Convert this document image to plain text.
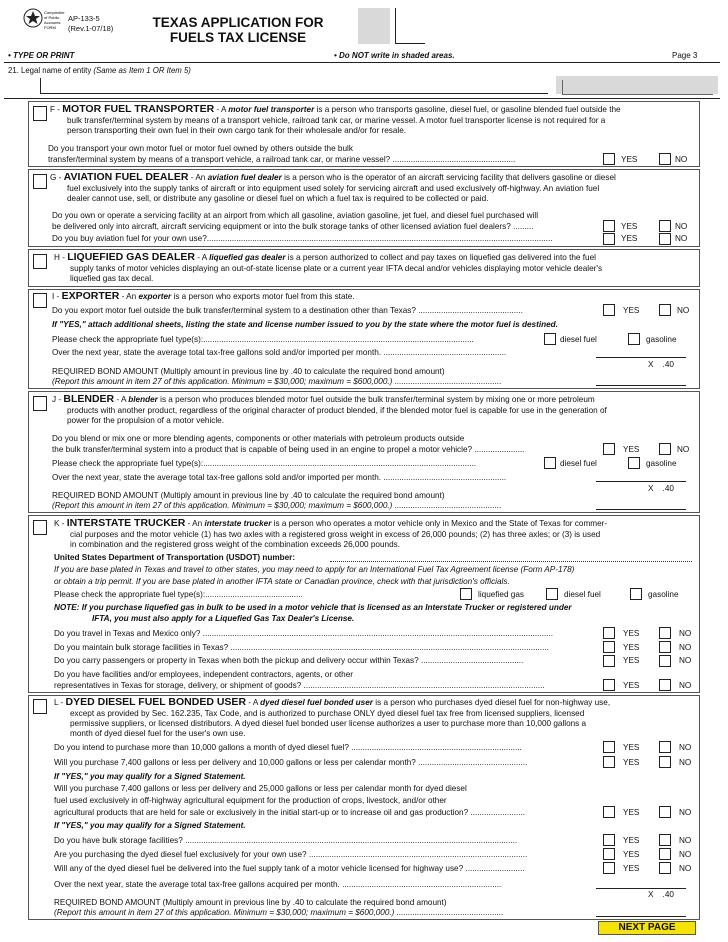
Comptroller
of Public
Accounts
FORM
AP-133-5
(Rev.1-07/18)	TEXAS APPLICATION FOR
FUELS TAX LICENSE
• TYPE OR PRINT	• Do NOT write in shaded areas.	Page 3
21. Legal name of entity (Same as Item 1 OR Item 5)
F - MOTOR FUEL TRANSPORTER - A motor fuel transporter is a person who transports gasoline, diesel fuel, or gasoline blended fuel outside the
bulk transfer/terminal system by means of a transport vehicle, railroad tank car, or marine vessel. A motor fuel transporter license is not required for a
person transporting their own fuel in their own cargo tank for their wholesale and/or for resale.
Do you transport your own motor fuel or motor fuel owned by others outside the bulk
transfer/terminal system by means of a transport vehicle, a railroad tank car, or marine vessel? ......................................................	YES	NO
G - AVIATION FUEL DEALER - An aviation fuel dealer is a person who is the operator of an aircraft servicing facility that delivers gasoline or diesel
fuel exclusively into the supply tanks of aircraft or into equipment used solely for servicing aircraft and used exclusively off-highway. An aviation fuel
dealer cannot use, sell, or distribute any gasoline or diesel fuel on which a fuel tax is required to be collected or paid.
Do you own or operate a servicing facility at an airport from which all gasoline, aviation gasoline, jet fuel, and diesel fuel purchased will
be delivered only into aircraft, aircraft servicing equipment or into the bulk storage tanks of other licensed aviation fuel dealers? .........	YES	NO
Do you buy aviation fuel for your own use?........................................................................................................................................................	YES	NO
H - LIQUEFIED GAS DEALER - A liquefied gas dealer is a person authorized to collect and pay taxes on liquefied gas delivered into the fuel
supply tanks of motor vehicles displaying an out-of-state license plate or a current year IFTA decal and/or vehicles displaying motor vehicle dealer's
liquefied gas tax decal.
I - EXPORTER - An exporter is a person who exports motor fuel from this state.
Do you export motor fuel outside the bulk transfer/terminal system to a destination other than Texas? ..............................................	YES	NO
If "YES," attach additional sheets, listing the state and license number issued to you by the state where the motor fuel is destined.
Please check the appropriate fuel type(s):.......................................................................................................................	diesel fuel	gasoline
Over the next year, state the average total tax-free gallons sold and/or imported per month. ......................................................
X    .40
REQUIRED BOND AMOUNT (Multiply amount in previous line by .40 to calculate the required bond amount)
(Report this amount in item 27 of this application. Minimum = $30,000; maximum = $600,000.) ...............................................
J - BLENDER - A blender is a person who produces blended motor fuel outside the bulk transfer/terminal system by mixing one or more petroleum
products with another product, regardless of the original character of product blended, if the blended motor fuel is capable for use in the generation of
power for the propulsion of a motor vehicle.
Do you blend or mix one or more blending agents, components or other materials with petroleum products outside
the bulk transfer/terminal system into a product that is capable of being used in an engine to propel a motor vehicle? ......................	YES	NO
Please check the appropriate fuel type(s):........................................................................................................................	diesel fuel	gasoline
Over the next year, state the average total tax-free gallons sold and/or imported per month. ......................................................
X    .40
REQUIRED BOND AMOUNT (Multiply amount in previous line by .40 to calculate the required bond amount)
(Report this amount in item 27 of this application. Minimum = $30,000; maximum = $600,000.) ...............................................
K - INTERSTATE TRUCKER - An interstate trucker is a person who operates a motor vehicle only in Mexico and the State of Texas for commer-
cial purposes and the motor vehicle (1) has two axles with a registered gross weight in excess of 26,000 pounds; (2) has three axles; or (3) is used
in combination and the registered gross weight of the combination exceeds 26,000 pounds.
United States Department of Transportation (USDOT) number:
If you are base plated in Texas and travel to other states, you may need to apply for an International Fuel Tax Agreement license (Form AP-178)
or obtain a trip permit. If you are base plated in another IFTA state or Canadian province, check with that jurisdiction's officials.
Please check the appropriate fuel type(s):...........................................	liquefied gas	diesel fuel	gasoline
NOTE: If you purchase liquefied gas in bulk to be used in a motor vehicle that is licensed as an Interstate Trucker or registered under
IFTA, you must also apply for a Liquefied Gas Tax Dealer's License.
Do you travel in Texas and Mexico only? ..........................................................................................................................................................	YES	NO
Do you maintain bulk storage facilities in Texas? ............................................................................................................................................	YES	NO
Do you carry passengers or property in Texas when both the pickup and delivery occur within Texas? .............................................	YES	NO
Do you have facilities and/or employees, independent contractors, agents, or other
representatives in Texas for storage, delivery, or shipment of goods? ..........................................................................................................	YES	NO
L - DYED DIESEL FUEL BONDED USER - A dyed diesel fuel bonded user is a person who purchases dyed diesel fuel for non-highway use,
except as provided by Sec. 162.235, Tax Code, and is authorized to purchase ONLY dyed diesel fuel tax free from licensed suppliers, licensed
permissive suppliers, or licensed distributors. A dyed diesel fuel bonded user license authorizes a user to purchase more than 10,000 gallons a
month of dyed diesel fuel for the user's own use.
Do you intend to purchase more than 10,000 gallons a month of dyed diesel fuel? ...........................................................................	YES	NO
Will you purchase 7,400 gallons or less per delivery and 10,000 gallons or less per calendar month? ................................................	YES	NO
If "YES," you may qualify for a Signed Statement.
Will you purchase 7,400 gallons or less per delivery and 25,000 gallons or less per calendar month for dyed diesel
fuel used exclusively in off-highway agricultural equipment for the production of crops, livestock, and/or other
agricultural products that are held for sale or exclusively in the initial start-up or to increase oil and gas production? ........................	YES	NO
If "YES," you may qualify for a Signed Statement.
Do you have bulk storage facilities? ..................................................................................................................................................	YES	NO
Are you purchasing the dyed diesel fuel exclusively for your own use? ................................................................................................	YES	NO
Will any of the dyed diesel fuel be delivered into the fuel supply tank of a motor vehicle licensed for highway use? ..........................	YES	NO
Over the next year, state the average total tax-free gallons acquired per month. ......................................................................
X    .40
REQUIRED BOND AMOUNT (Multiply amount in previous line by .40 to calculate the required bond amount)
(Report this amount in item 27 of this application. Minimum = $30,000; maximum = $600,000.) ...............................................
NEXT PAGE
